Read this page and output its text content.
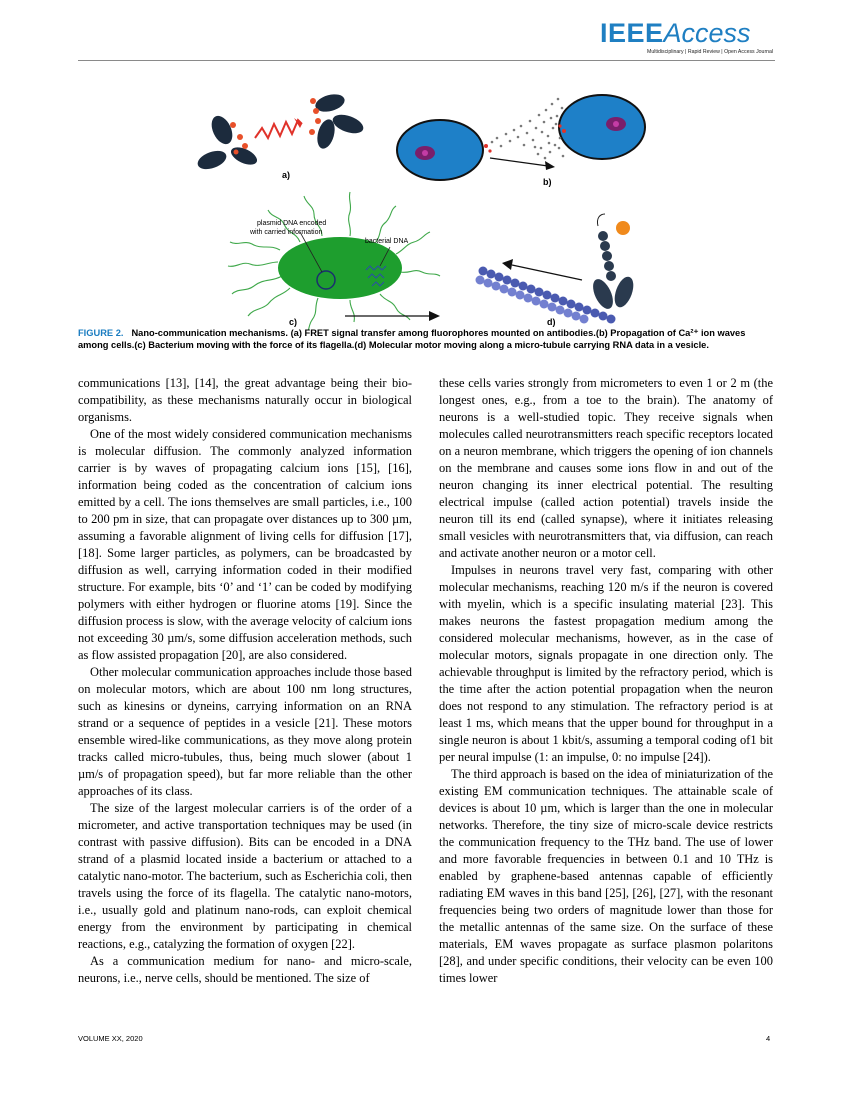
IEEEAccess
Multidisciplinary | Rapid Review | Open Access Journal
a)
b)
plasmid DNA encoded
with carried information
bacterial DNA
c)	d)
FIGURE 2. Nano-communication mechanisms. (a) FRET signal transfer among fluorophores mounted on antibodies.(b) Propagation of Ca²⁺ ion waves among cells.(c) Bacterium moving with the force of its flagella.(d) Molecular motor moving along a micro-tubule carrying RNA data in a vesicle.

communications [13], [14], the great advantage being their bio-compatibility, as these mechanisms naturally occur in biological organisms.

One of the most widely considered communication mechanisms is molecular diffusion. The commonly analyzed information carrier is by waves of propagating calcium ions [15], [16], information being coded as the concentration of calcium ions emitted by a cell. The ions themselves are small particles, i.e., 100 to 200 pm in size, that can propagate over distances up to 300 µm, assuming a favorable alignment of living cells for diffusion [17], [18]. Some larger particles, as polymers, can be broadcasted by diffusion as well, carrying information coded in their modified structure. For example, bits ‘0’ and ‘1’ can be coded by modifying polymers with either hydrogen or fluorine atoms [19]. Since the diffusion process is slow, with the average velocity of calcium ions not exceeding 30 µm/s, some diffusion acceleration methods, such as flow assisted propagation [20], are also considered.

Other molecular communication approaches include those based on molecular motors, which are about 100 nm long structures, such as kinesins or dyneins, carrying information on an RNA strand or a sequence of peptides in a vesicle [21]. These motors ensemble wired-like communications, as they move along protein tracks called micro-tubules, thus, being much slower (about 1 µm/s of propagation speed), but far more reliable than the other approaches of its class.

The size of the largest molecular carriers is of the order of a micrometer, and active transportation techniques may be used (in contrast with passive diffusion). Bits can be encoded in a DNA strand of a plasmid located inside a bacterium or attached to a catalytic nano-motor. The bacterium, such as Escherichia coli, then travels using the force of its flagella. The catalytic nano-motors, i.e., usually gold and platinum nano-rods, can exploit chemical energy from the environment by participating in chemical reactions, e.g., catalyzing the formation of oxygen [22].

As a communication medium for nano- and micro-scale, neurons, i.e., nerve cells, should be mentioned. The size of

these cells varies strongly from micrometers to even 1 or 2 m (the longest ones, e.g., from a toe to the brain). The anatomy of neurons is a well-studied topic. They receive signals when molecules called neurotransmitters reach specific receptors located on a neuron membrane, which triggers the opening of ion channels on the membrane and causes some ions flow in and out of the neuron changing its inner electrical potential. The resulting electrical impulse (called action potential) travels inside the neuron till its end (called synapse), where it initiates releasing small vesicles with neurotransmitters that, via diffusion, can reach and activate another neuron or a motor cell.

Impulses in neurons travel very fast, comparing with other molecular mechanisms, reaching 120 m/s if the neuron is covered with myelin, which is a specific insulating material [23]. This makes neurons the fastest propagation medium among the considered molecular mechanisms, however, as in the case of molecular motors, signals propagate in one direction only. The achievable throughput is limited by the refractory period, which is the time after the action potential propagation when the neuron does not respond to any stimulation. The refractory period is at least 1 ms, which means that the upper bound for throughput in a single neuron is about 1 kbit/s, assuming a temporal coding of1 bit per neural impulse (1: an impulse, 0: no impulse [24]).

The third approach is based on the idea of miniaturization of the existing EM communication techniques. The attainable scale of devices is about 10 µm, which is larger than the one in molecular networks. Therefore, the tiny size of micro-scale device restricts the communication frequency to the THz band. The use of lower and more favorable frequencies in between 0.1 and 10 THz is enabled by graphene-based antennas capable of efficiently radiating EM waves in this band [25], [26], [27], with the resonant frequencies being two orders of magnitude lower than those for the metallic antennas of the same size. On the surface of these materials, EM waves propagate as surface plasmon polaritons [28], and under specific conditions, their velocity can be even 100 times lower

VOLUME XX, 2020	4
